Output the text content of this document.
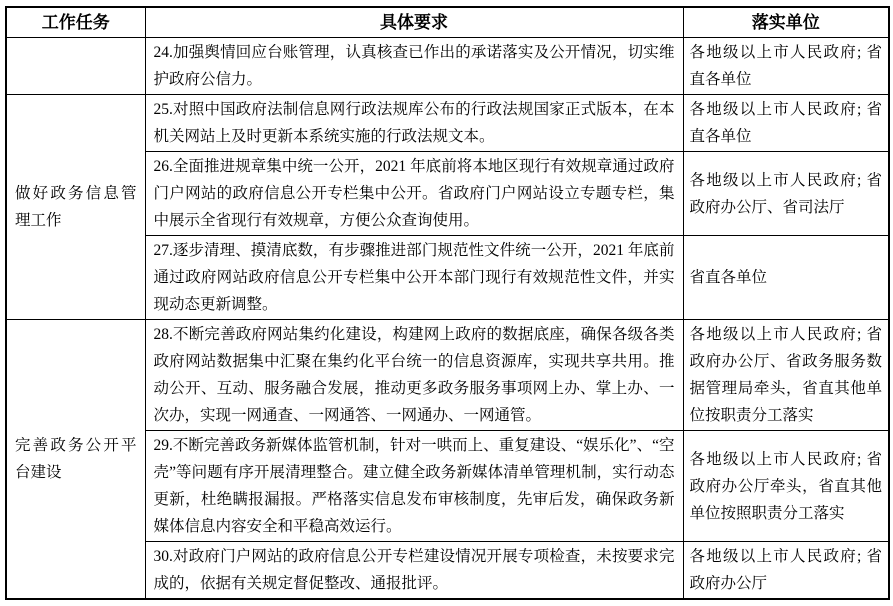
工作任务	具体要求	落实单位
	24.加强舆情回应台账管理，认真核查已作出的承诺落实及公开情况，切实维护政府公信力。	各地级以上市人民政府; 省直各单位
做好政务信息管理工作	25.对照中国政府法制信息网行政法规库公布的行政法规国家正式版本，在本机关网站上及时更新本系统实施的行政法规文本。	各地级以上市人民政府; 省直各单位
	26.全面推进规章集中统一公开，2021 年底前将本地区现行有效规章通过政府门户网站的政府信息公开专栏集中公开。省政府门户网站设立专题专栏，集中展示全省现行有效规章，方便公众查询使用。	各地级以上市人民政府; 省政府办公厅、省司法厅
	27.逐步清理、摸清底数，有步骤推进部门规范性文件统一公开，2021 年底前通过政府网站政府信息公开专栏集中公开本部门现行有效规范性文件，并实现动态更新调整。	省直各单位
完善政务公开平台建设	28.不断完善政府网站集约化建设，构建网上政府的数据底座，确保各级各类政府网站数据集中汇聚在集约化平台统一的信息资源库，实现共享共用。推动公开、互动、服务融合发展，推动更多政务服务事项网上办、掌上办、一次办，实现一网通查、一网通答、一网通办、一网通管。	各地级以上市人民政府; 省政府办公厅、省政务服务数据管理局牵头，省直其他单位按职责分工落实
	29.不断完善政务新媒体监管机制，针对一哄而上、重复建设、“娱乐化”、“空壳”等问题有序开展清理整合。建立健全政务新媒体清单管理机制，实行动态更新，杜绝瞒报漏报。严格落实信息发布审核制度，先审后发，确保政务新媒体信息内容安全和平稳高效运行。	各地级以上市人民政府; 省政府办公厅牵头，省直其他单位按照职责分工落实
	30.对政府门户网站的政府信息公开专栏建设情况开展专项检查，未按要求完成的，依据有关规定督促整改、通报批评。	各地级以上市人民政府; 省政府办公厅
